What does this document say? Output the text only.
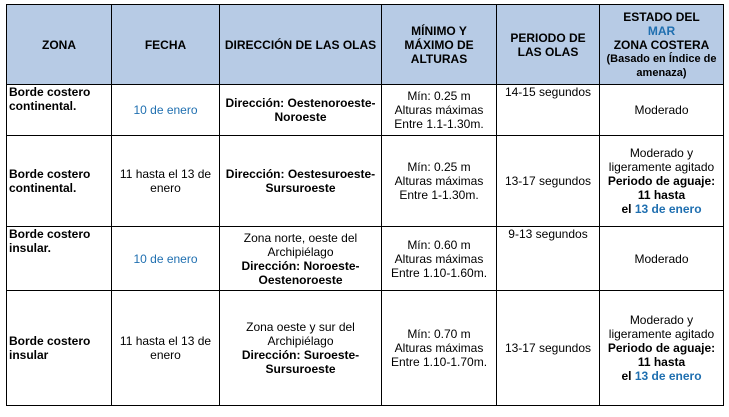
ZONA	FECHA	DIRECCIÓN DE LAS OLAS	MÍNIMO Y MÁXIMO DE ALTURAS	PERIODO DE LAS OLAS	ESTADO DEL
MAR
ZONA COSTERA
(Basado en Índice de amenaza)

Borde costero continental.	10 de enero	Dirección: Oestenoroeste-Noroeste	Mín: 0.25 m
Alturas máximas
Entre 1.1-1.30m.	14-15 segundos	Moderado
Borde costero continental.	11 hasta el 13 de enero	Dirección: Oestesuroeste-Sursuroeste	Mín: 0.25 m
Alturas máximas
Entre 1-1.30m.	13-17 segundos	Moderado y ligeramente agitado
Periodo de aguaje: 11 hasta
el 13 de enero
Borde costero insular.	10 de enero	Zona norte, oeste del Archipiélago
Dirección: Noroeste-Oestenoroeste	Mín: 0.60 m
Alturas máximas
Entre 1.10-1.60m.	9-13 segundos	Moderado
Borde costero insular	11 hasta el 13 de enero	Zona oeste y sur del Archipiélago
Dirección: Suroeste-Sursuroeste	Mín: 0.70 m
Alturas máximas
Entre 1.10-1.70m.	13-17 segundos	Moderado y ligeramente agitado
Periodo de aguaje: 11 hasta
el 13 de enero
